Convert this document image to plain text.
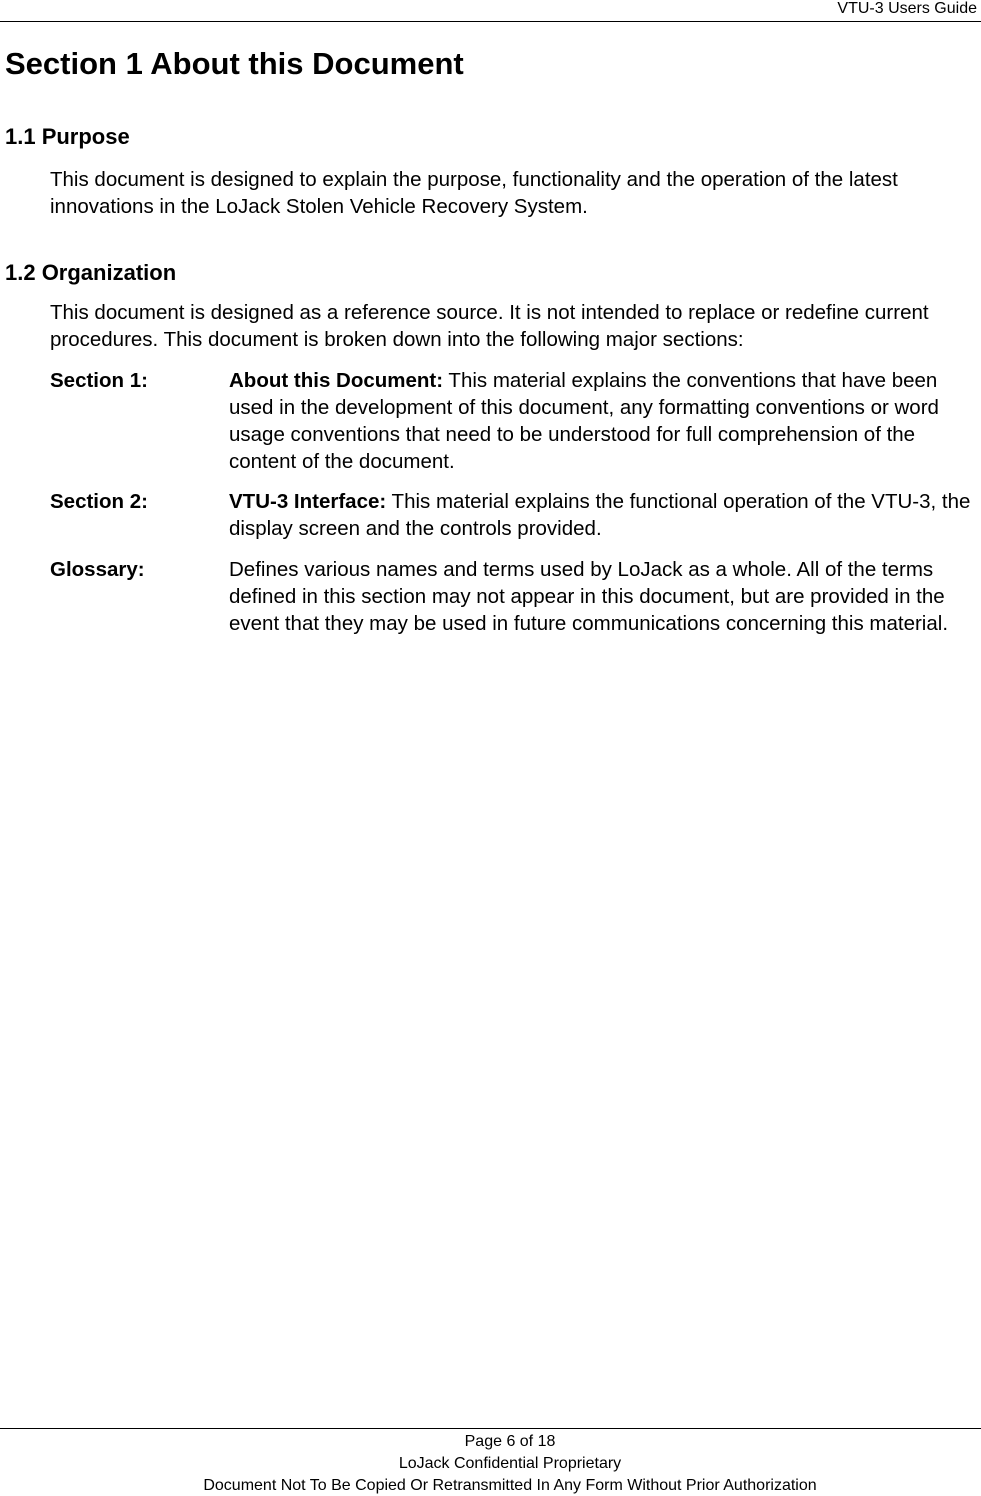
VTU-3 Users Guide
Section 1 About this Document
1.1 Purpose

This document is designed to explain the purpose, functionality and the operation of the latest innovations in the LoJack Stolen Vehicle Recovery System.

1.2 Organization

This document is designed as a reference source. It is not intended to replace or redefine current procedures. This document is broken down into the following major sections:

Section 1:	About this Document: This material explains the conventions that have been used in the development of this document, any formatting conventions or word usage conventions that need to be understood for full comprehension of the content of the document.
Section 2:	VTU-3 Interface: This material explains the functional operation of the VTU-3, the display screen and the controls provided.
Glossary:	Defines various names and terms used by LoJack as a whole. All of the terms defined in this section may not appear in this document, but are provided in the event that they may be used in future communications concerning this material.
Page 6 of 18
LoJack Confidential Proprietary
Document Not To Be Copied Or Retransmitted In Any Form Without Prior Authorization
